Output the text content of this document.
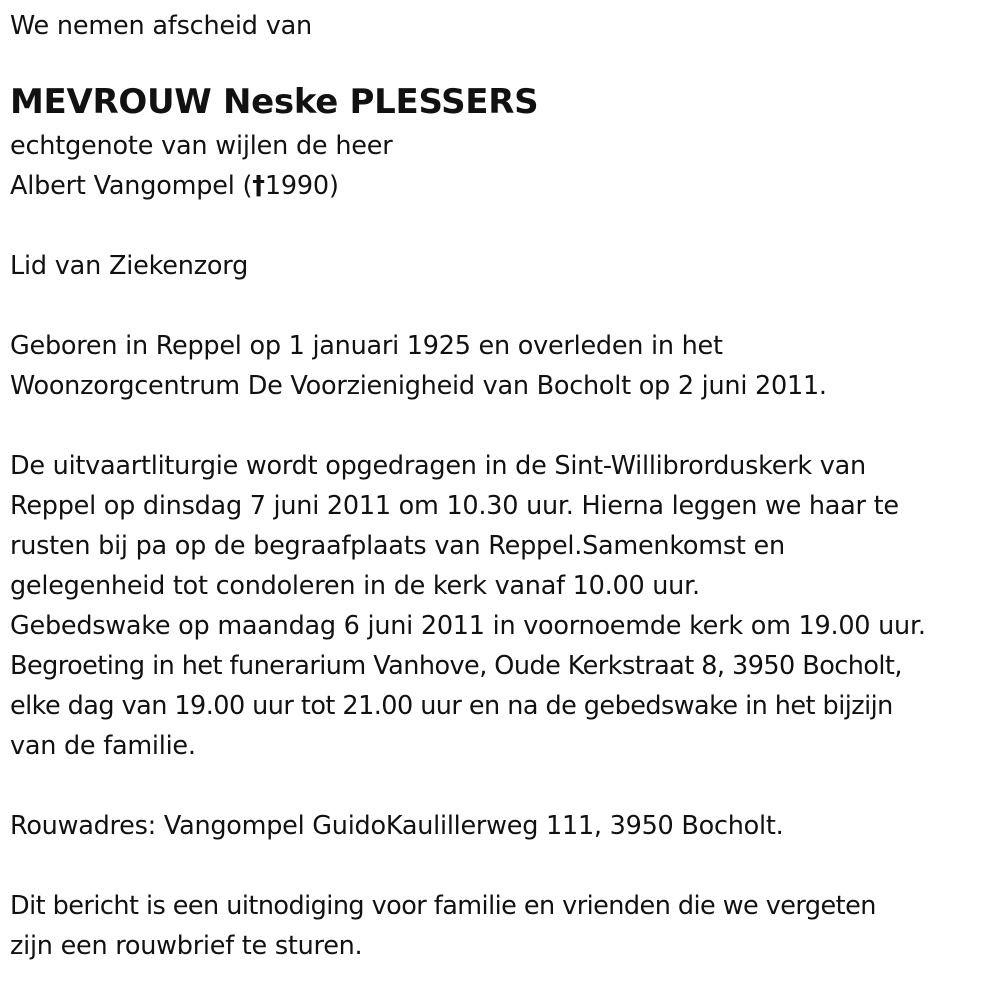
We nemen afscheid van
MEVROUW Neske PLESSERS
echtgenote van wijlen de heer
Albert Vangompel (†1990)
Lid van Ziekenzorg
Geboren in Reppel op 1 januari 1925 en overleden in het
Woonzorgcentrum De Voorzienigheid van Bocholt op 2 juni 2011.
De uitvaartliturgie wordt opgedragen in de Sint-Willibrorduskerk van
Reppel op dinsdag 7 juni 2011 om 10.30 uur. Hierna leggen we haar te
rusten bij pa op de begraafplaats van Reppel.Samenkomst en
gelegenheid tot condoleren in de kerk vanaf 10.00 uur.
Gebedswake op maandag 6 juni 2011 in voornoemde kerk om 19.00 uur.
Begroeting in het funerarium Vanhove, Oude Kerkstraat 8, 3950 Bocholt,
elke dag van 19.00 uur tot 21.00 uur en na de gebedswake in het bijzijn
van de familie.
Rouwadres: Vangompel GuidoKaulillerweg 111, 3950 Bocholt.
Dit bericht is een uitnodiging voor familie en vrienden die we vergeten
zijn een rouwbrief te sturen.
